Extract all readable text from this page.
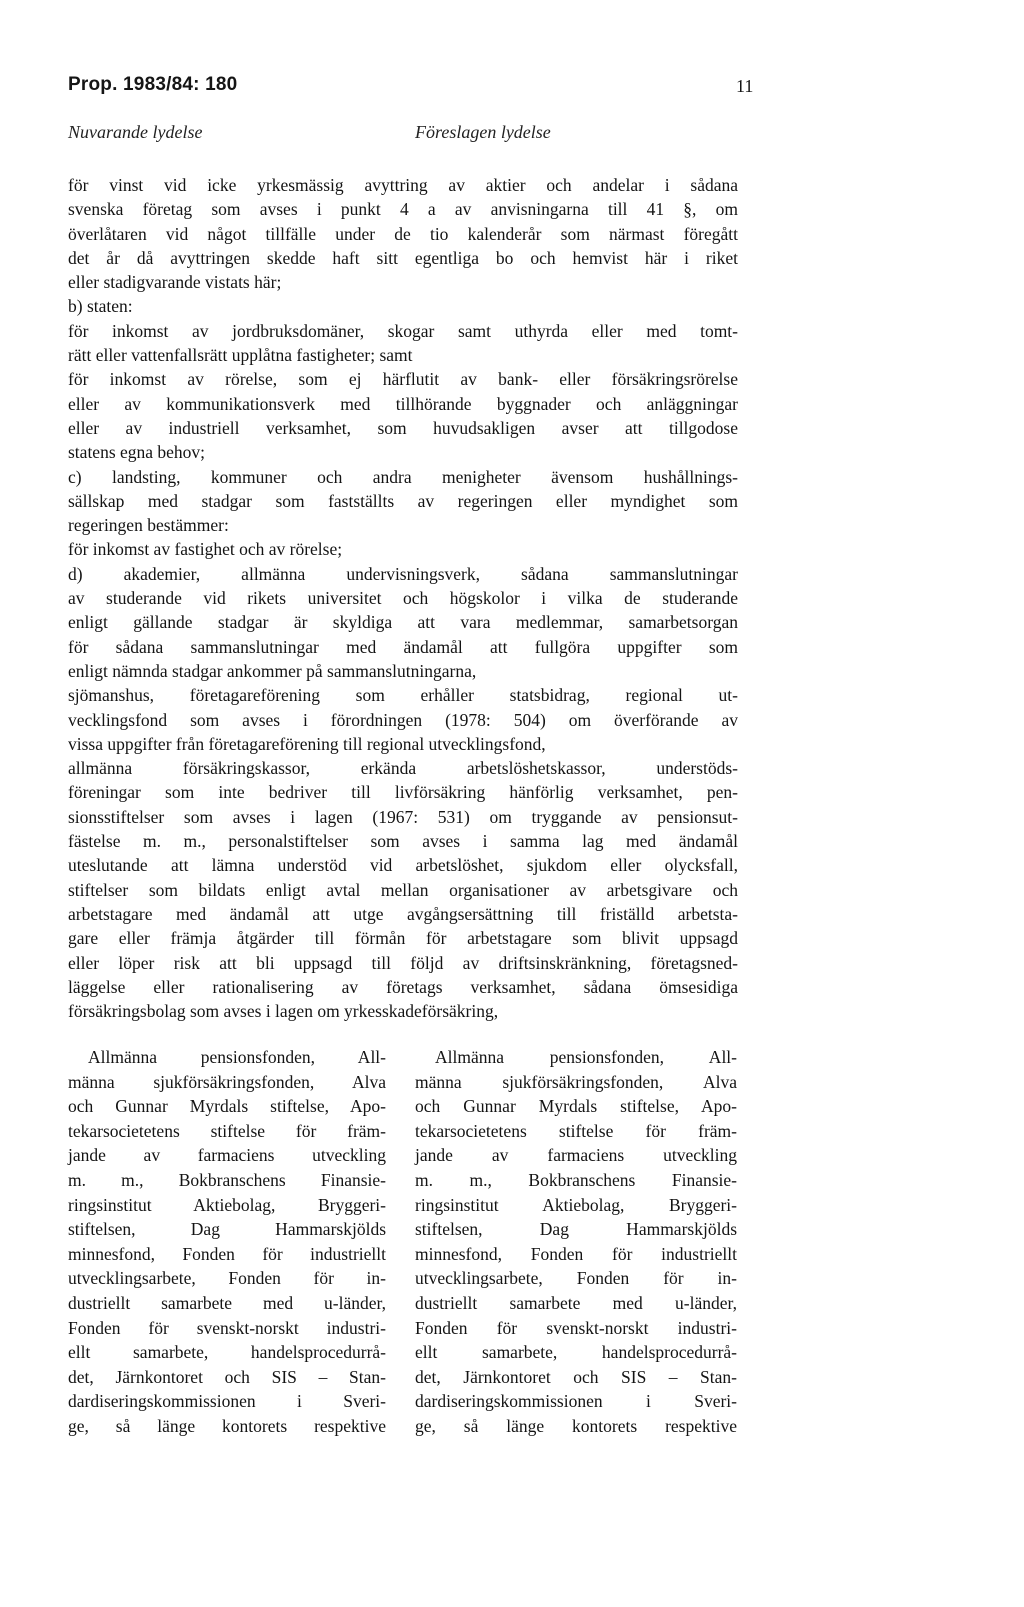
Prop. 1983/84: 180	11
Nuvarande lydelse	Föreslagen lydelse
för vinst vid icke yrkesmässig avyttring av aktier och andelar i sådana
svenska företag som avses i punkt 4 a av anvisningarna till 41 §, om
överlåtaren vid något tillfälle under de tio kalenderår som närmast föregått
det år då avyttringen skedde haft sitt egentliga bo och hemvist här i riket
eller stadigvarande vistats här;
b) staten:
för inkomst av jordbruksdomäner, skogar samt uthyrda eller med tomt-
rätt eller vattenfallsrätt upplåtna fastigheter; samt
för inkomst av rörelse, som ej härflutit av bank- eller försäkringsrörelse
eller av kommunikationsverk med tillhörande byggnader och anläggningar
eller av industriell verksamhet, som huvudsakligen avser att tillgodose
statens egna behov;
c) landsting, kommuner och andra menigheter ävensom hushållnings-
sällskap med stadgar som fastställts av regeringen eller myndighet som
regeringen bestämmer:
för inkomst av fastighet och av rörelse;
d) akademier, allmänna undervisningsverk, sådana sammanslutningar
av studerande vid rikets universitet och högskolor i vilka de studerande
enligt gällande stadgar är skyldiga att vara medlemmar, samarbetsorgan
för sådana sammanslutningar med ändamål att fullgöra uppgifter som
enligt nämnda stadgar ankommer på sammanslutningarna,
sjömanshus, företagareförening som erhåller statsbidrag, regional ut-
vecklingsfond som avses i förordningen (1978: 504) om överförande av
vissa uppgifter från företagareförening till regional utvecklingsfond,
allmänna försäkringskassor, erkända arbetslöshetskassor, understöds-
föreningar som inte bedriver till livförsäkring hänförlig verksamhet, pen-
sionsstiftelser som avses i lagen (1967: 531) om tryggande av pensionsut-
fästelse m. m., personalstiftelser som avses i samma lag med ändamål
uteslutande att lämna understöd vid arbetslöshet, sjukdom eller olycksfall,
stiftelser som bildats enligt avtal mellan organisationer av arbetsgivare och
arbetstagare med ändamål att utge avgångsersättning till friställd arbetsta-
gare eller främja åtgärder till förmån för arbetstagare som blivit uppsagd
eller löper risk att bli uppsagd till följd av driftsinskränkning, företagsned-
läggelse eller rationalisering av företags verksamhet, sådana ömsesidiga
försäkringsbolag som avses i lagen om yrkesskadeförsäkring,
Allmänna pensionsfonden, All-
männa sjukförsäkringsfonden, Alva
och Gunnar Myrdals stiftelse, Apo-
tekarsocietetens stiftelse för främ-
jande av farmaciens utveckling
m. m., Bokbranschens Finansie-
ringsinstitut Aktiebolag, Bryggeri-
stiftelsen, Dag Hammarskjölds
minnesfond, Fonden för industriellt
utvecklingsarbete, Fonden för in-
dustriellt samarbete med u-länder,
Fonden för svenskt-norskt industri-
ellt samarbete, handelsprocedurrå-
det, Järnkontoret och SIS – Stan-
dardiseringskommissionen i Sveri-
ge, så länge kontorets respektive
Allmänna pensionsfonden, All-
männa sjukförsäkringsfonden, Alva
och Gunnar Myrdals stiftelse, Apo-
tekarsocietetens stiftelse för främ-
jande av farmaciens utveckling
m. m., Bokbranschens Finansie-
ringsinstitut Aktiebolag, Bryggeri-
stiftelsen, Dag Hammarskjölds
minnesfond, Fonden för industriellt
utvecklingsarbete, Fonden för in-
dustriellt samarbete med u-länder,
Fonden för svenskt-norskt industri-
ellt samarbete, handelsprocedurrå-
det, Järnkontoret och SIS – Stan-
dardiseringskommissionen i Sveri-
ge, så länge kontorets respektive
